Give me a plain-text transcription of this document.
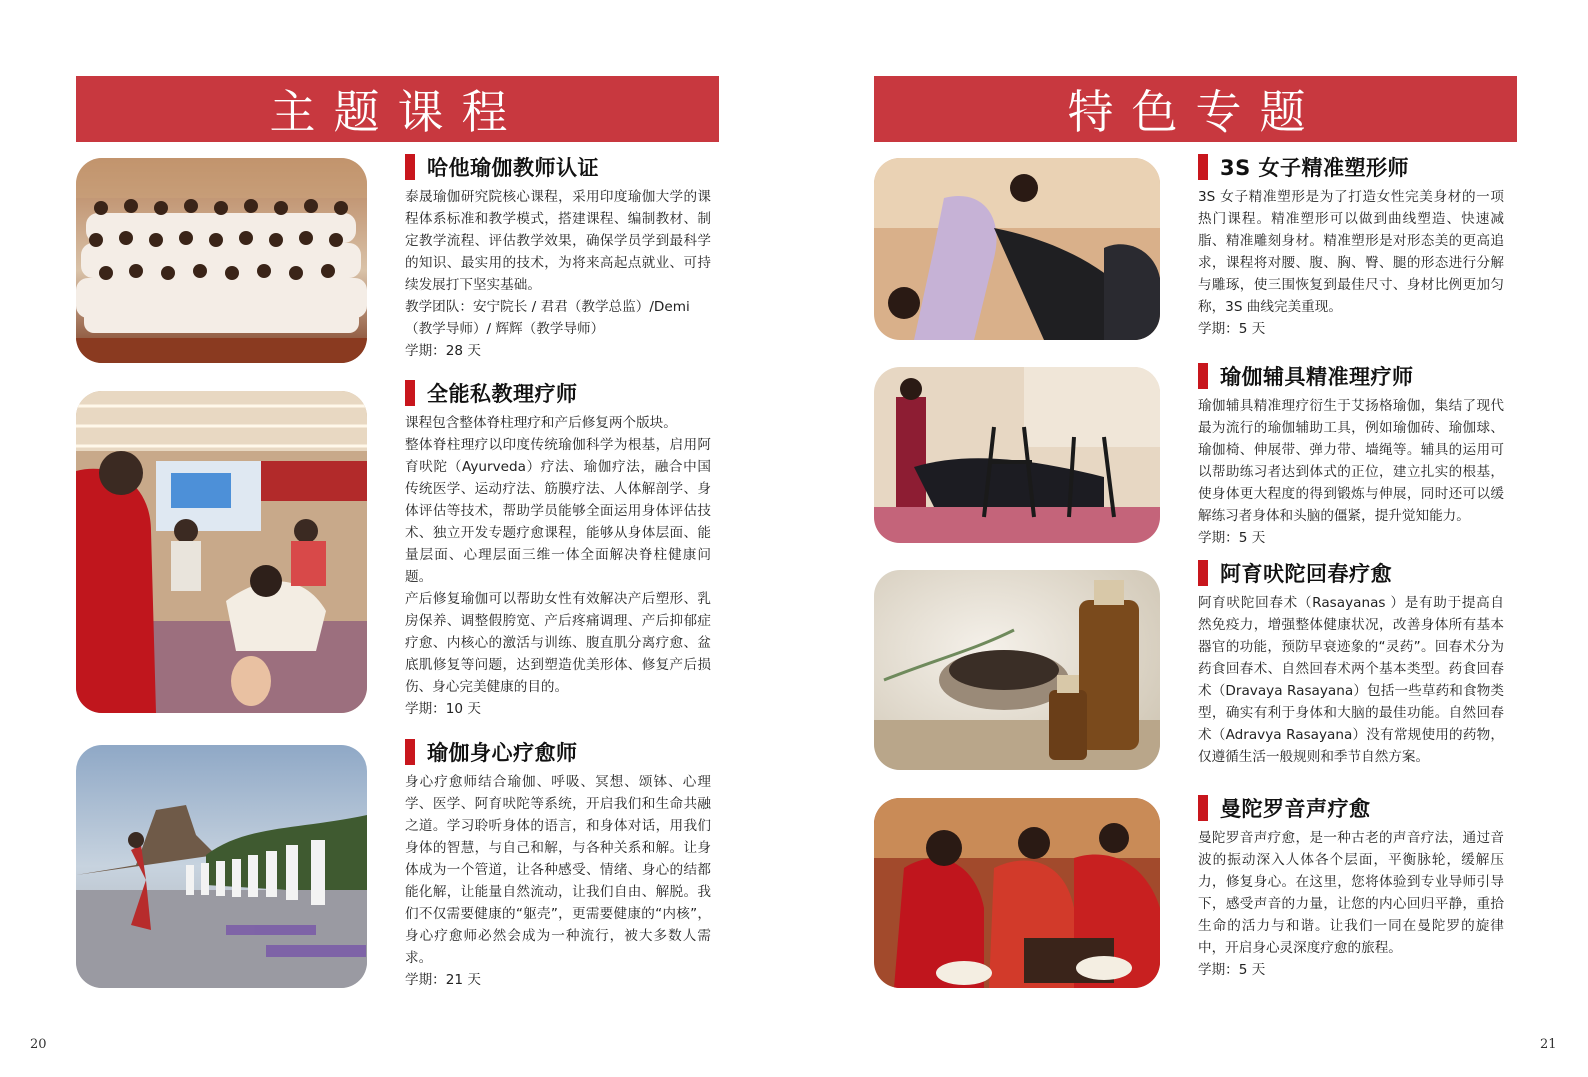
主题课程	特色专题
哈他瑜伽教师认证

泰晟瑜伽研究院核心课程，采用印度瑜伽大学的课程体系标准和教学模式，搭建课程、编制教材、制定教学流程、评估教学效果，确保学员学到最科学的知识、最实用的技术，为将来高起点就业、可持续发展打下坚实基础。

教学团队：安宁院长 / 君君（教学总监）/Demi（教学导师）/ 辉辉（教学导师）

学期：28 天

全能私教理疗师

课程包含整体脊柱理疗和产后修复两个版块。

整体脊柱理疗以印度传统瑜伽科学为根基，启用阿育吠陀（Ayurveda）疗法、瑜伽疗法，融合中国传统医学、运动疗法、筋膜疗法、人体解剖学、身体评估等技术，帮助学员能够全面运用身体评估技术、独立开发专题疗愈课程，能够从身体层面、能量层面、心理层面三维一体全面解决脊柱健康问题。

产后修复瑜伽可以帮助女性有效解决产后塑形、乳房保养、调整假胯宽、产后疼痛调理、产后抑郁症疗愈、内核心的激活与训练、腹直肌分离疗愈、盆底肌修复等问题，达到塑造优美形体、修复产后损伤、身心完美健康的目的。

学期：10 天

瑜伽身心疗愈师

身心疗愈师结合瑜伽、呼吸、冥想、颂钵、心理学、医学、阿育吠陀等系统，开启我们和生命共融之道。学习聆听身体的语言，和身体对话，用我们身体的智慧，与自己和解，与各种关系和解。让身体成为一个管道，让各种感受、情绪、身心的结都能化解，让能量自然流动，让我们自由、解脱。我们不仅需要健康的“躯壳”，更需要健康的“内核”，身心疗愈师必然会成为一种流行，被大多数人需求。

学期：21 天

3S 女子精准塑形师

3S 女子精准塑形是为了打造女性完美身材的一项热门课程。精准塑形可以做到曲线塑造、快速减脂、精准雕刻身材。精准塑形是对形态美的更高追求，课程将对腰、腹、胸、臀、腿的形态进行分解与雕琢，使三围恢复到最佳尺寸、身材比例更加匀称，3S 曲线完美重现。

学期：5 天

瑜伽辅具精准理疗师

瑜伽辅具精准理疗衍生于艾扬格瑜伽，集结了现代最为流行的瑜伽辅助工具，例如瑜伽砖、瑜伽球、瑜伽椅、伸展带、弹力带、墙绳等。辅具的运用可以帮助练习者达到体式的正位，建立扎实的根基，使身体更大程度的得到锻炼与伸展，同时还可以缓解练习者身体和头脑的僵紧，提升觉知能力。

学期：5 天

阿育吠陀回春疗愈

阿育吠陀回春术（Rasayanas ）是有助于提高自然免疫力，增强整体健康状况，改善身体所有基本器官的功能，预防早衰迹象的“灵药”。回春术分为药食回春术、自然回春术两个基本类型。药食回春术（Dravaya Rasayana）包括一些草药和食物类型，确实有利于身体和大脑的最佳功能。自然回春术（Adravya Rasayana）没有常规使用的药物，仅遵循生活一般规则和季节自然方案。

曼陀罗音声疗愈

曼陀罗音声疗愈，是一种古老的声音疗法，通过音波的振动深入人体各个层面，平衡脉轮，缓解压力，修复身心。在这里，您将体验到专业导师引导下，感受声音的力量，让您的内心回归平静，重拾生命的活力与和谐。让我们一同在曼陀罗的旋律中，开启身心灵深度疗愈的旅程。

学期：5 天

20	21
